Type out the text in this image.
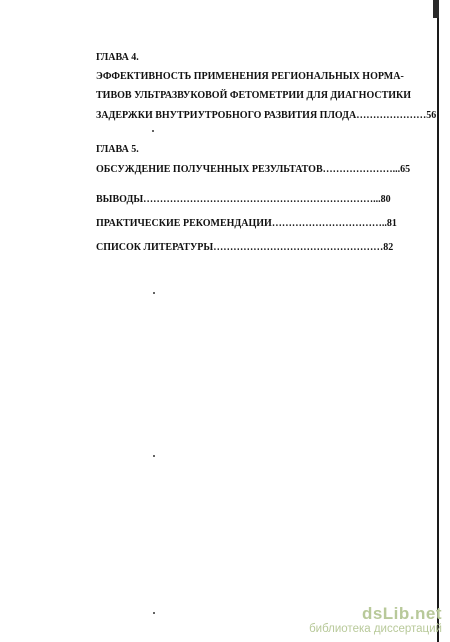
ГЛАВА 4.
ЭФФЕКТИВНОСТЬ ПРИМЕНЕНИЯ РЕГИОНАЛЬНЫХ НОРМА-
ТИВОВ УЛЬТРАЗВУКОВОЙ ФЕТОМЕТРИИ ДЛЯ ДИАГНОСТИКИ
ЗАДЕРЖКИ ВНУТРИУТРОБНОГО РАЗВИТИЯ ПЛОДА…………………56
ГЛАВА 5.
ОБСУЖДЕНИЕ ПОЛУЧЕННЫХ РЕЗУЛЬТАТОВ…………………...65
ВЫВОДЫ……………………………………………………………...80
ПРАКТИЧЕСКИЕ РЕКОМЕНДАЦИИ……………………………..81
СПИСОК ЛИТЕРАТУРЫ……………………………………………82
dsLib.net
библиотека диссертаций
